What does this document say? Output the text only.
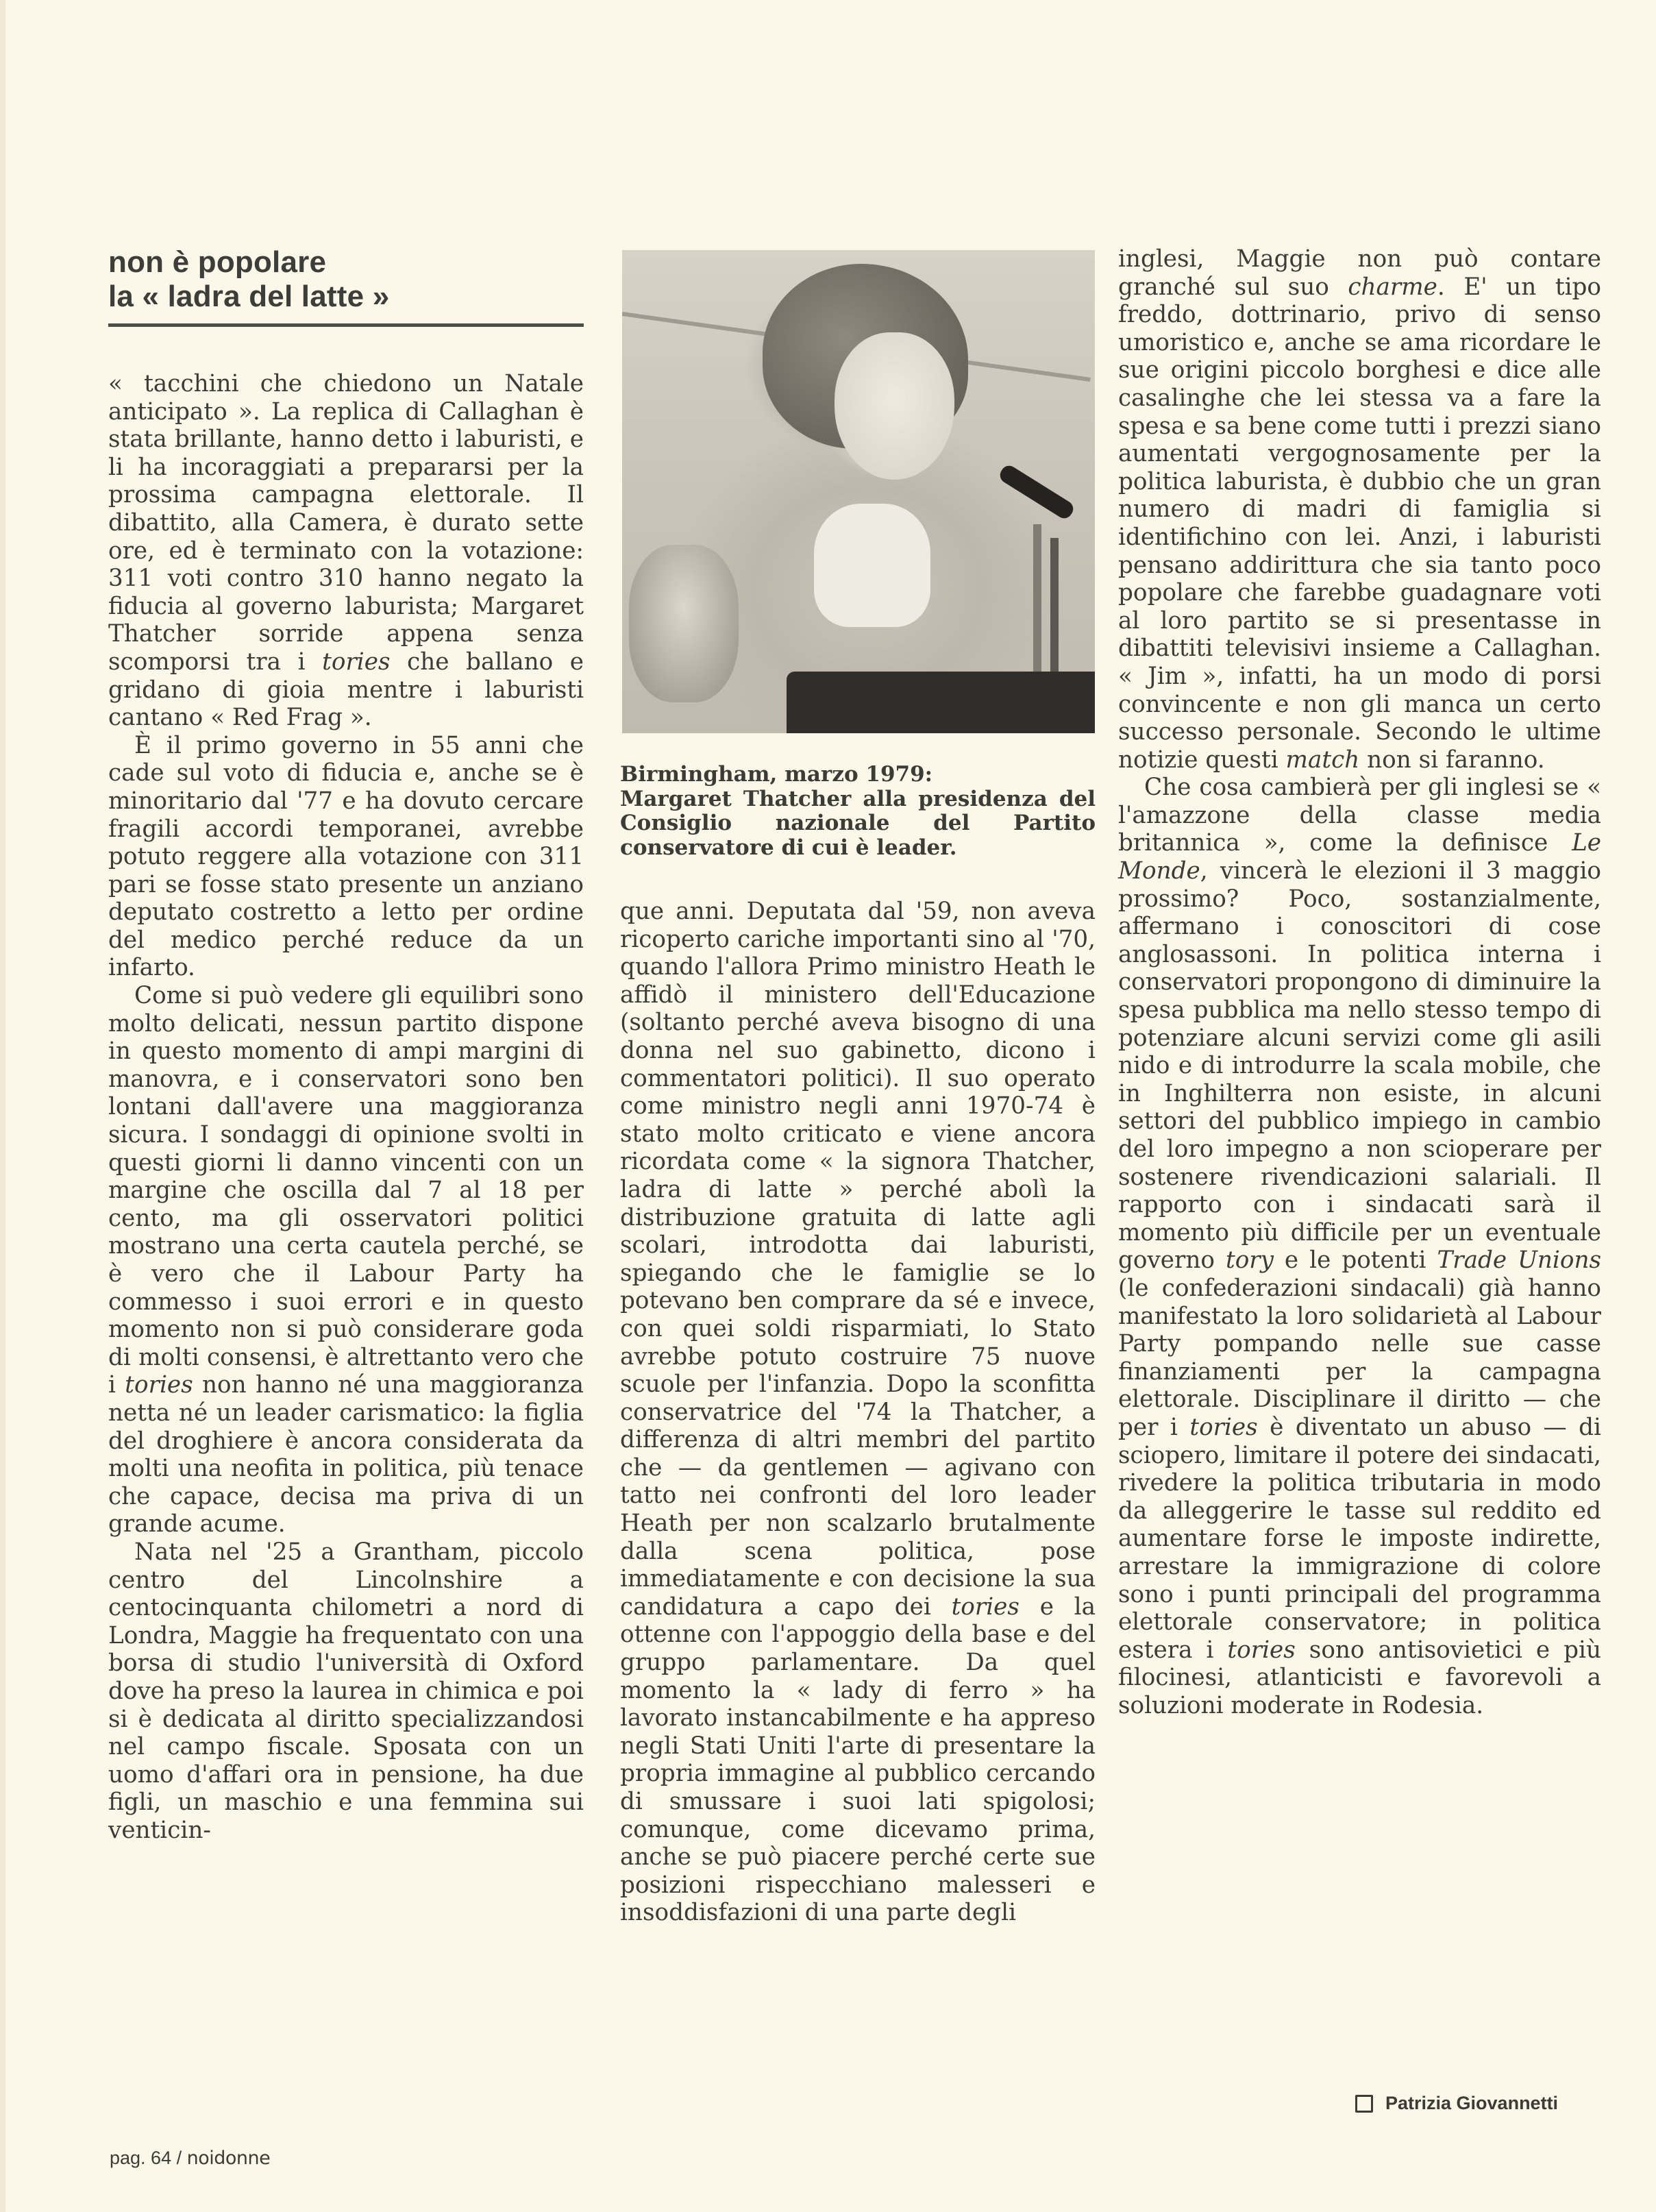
non è popolare
la « ladra del latte »

« tacchini che chiedono un Natale anticipato ». La replica di Callaghan è stata brillante, hanno detto i laburisti, e li ha incoraggiati a prepararsi per la prossima campagna elettorale. Il dibattito, alla Camera, è durato sette ore, ed è terminato con la votazione: 311 voti contro 310 hanno negato la fiducia al governo laburista; Margaret Thatcher sorride appena senza scomporsi tra i tories che ballano e gridano di gioia mentre i laburisti cantano « Red Frag ».

È il primo governo in 55 anni che cade sul voto di fiducia e, anche se è minoritario dal '77 e ha dovuto cercare fragili accordi temporanei, avrebbe potuto reggere alla votazione con 311 pari se fosse stato presente un anziano deputato costretto a letto per ordine del medico perché reduce da un infarto.

Come si può vedere gli equilibri sono molto delicati, nessun partito dispone in questo momento di ampi margini di manovra, e i conservatori sono ben lontani dall'avere una maggioranza sicura. I sondaggi di opinione svolti in questi giorni li danno vincenti con un margine che oscilla dal 7 al 18 per cento, ma gli osservatori politici mostrano una certa cautela perché, se è vero che il Labour Party ha commesso i suoi errori e in questo momento non si può considerare goda di molti consensi, è altrettanto vero che i tories non hanno né una maggioranza netta né un leader carismatico: la figlia del droghiere è ancora considerata da molti una neofita in politica, più tenace che capace, decisa ma priva di un grande acume.

Nata nel '25 a Grantham, piccolo centro del Lincolnshire a centocinquanta chilometri a nord di Londra, Maggie ha frequentato con una borsa di studio l'università di Oxford dove ha preso la laurea in chimica e poi si è dedicata al diritto specializzandosi nel campo fiscale. Sposata con un uomo d'affari ora in pensione, ha due figli, un maschio e una femmina sui venticin-

Birmingham, marzo 1979:
Margaret Thatcher alla presidenza del Consiglio nazionale del Partito conservatore di cui è leader.

que anni. Deputata dal '59, non aveva ricoperto cariche importanti sino al '70, quando l'allora Primo ministro Heath le affidò il ministero dell'Educazione (soltanto perché aveva bisogno di una donna nel suo gabinetto, dicono i commentatori politici). Il suo operato come ministro negli anni 1970-74 è stato molto criticato e viene ancora ricordata come « la signora Thatcher, ladra di latte » perché abolì la distribuzione gratuita di latte agli scolari, introdotta dai laburisti, spiegando che le famiglie se lo potevano ben comprare da sé e invece, con quei soldi risparmiati, lo Stato avrebbe potuto costruire 75 nuove scuole per l'infanzia. Dopo la sconfitta conservatrice del '74 la Thatcher, a differenza di altri membri del partito che — da gentlemen — agivano con tatto nei confronti del loro leader Heath per non scalzarlo brutalmente dalla scena politica, pose immediatamente e con decisione la sua candidatura a capo dei tories e la ottenne con l'appoggio della base e del gruppo parlamentare. Da quel momento la « lady di ferro » ha lavorato instancabilmente e ha appreso negli Stati Uniti l'arte di presentare la propria immagine al pubblico cercando di smussare i suoi lati spigolosi; comunque, come dicevamo prima, anche se può piacere perché certe sue posizioni rispecchiano malesseri e insoddisfazioni di una parte degli

inglesi, Maggie non può contare granché sul suo charme. E' un tipo freddo, dottrinario, privo di senso umoristico e, anche se ama ricordare le sue origini piccolo borghesi e dice alle casalinghe che lei stessa va a fare la spesa e sa bene come tutti i prezzi siano aumentati vergognosamente per la politica laburista, è dubbio che un gran numero di madri di famiglia si identifichino con lei. Anzi, i laburisti pensano addirittura che sia tanto poco popolare che farebbe guadagnare voti al loro partito se si presentasse in dibattiti televisivi insieme a Callaghan. « Jim », infatti, ha un modo di porsi convincente e non gli manca un certo successo personale. Secondo le ultime notizie questi match non si faranno.

Che cosa cambierà per gli inglesi se « l'amazzone della classe media britannica », come la definisce Le Monde, vincerà le elezioni il 3 maggio prossimo? Poco, sostanzialmente, affermano i conoscitori di cose anglosassoni. In politica interna i conservatori propongono di diminuire la spesa pubblica ma nello stesso tempo di potenziare alcuni servizi come gli asili nido e di introdurre la scala mobile, che in Inghilterra non esiste, in alcuni settori del pubblico impiego in cambio del loro impegno a non scioperare per sostenere rivendicazioni salariali. Il rapporto con i sindacati sarà il momento più difficile per un eventuale governo tory e le potenti Trade Unions (le confederazioni sindacali) già hanno manifestato la loro solidarietà al Labour Party pompando nelle sue casse finanziamenti per la campagna elettorale. Disciplinare il diritto — che per i tories è diventato un abuso — di sciopero, limitare il potere dei sindacati, rivedere la politica tributaria in modo da alleggerire le tasse sul reddito ed aumentare forse le imposte indirette, arrestare la immigrazione di colore sono i punti principali del programma elettorale conservatore; in politica estera i tories sono antisovietici e più filocinesi, atlanticisti e favorevoli a soluzioni moderate in Rodesia.

Patrizia Giovannetti
pag. 64 / noidonne
